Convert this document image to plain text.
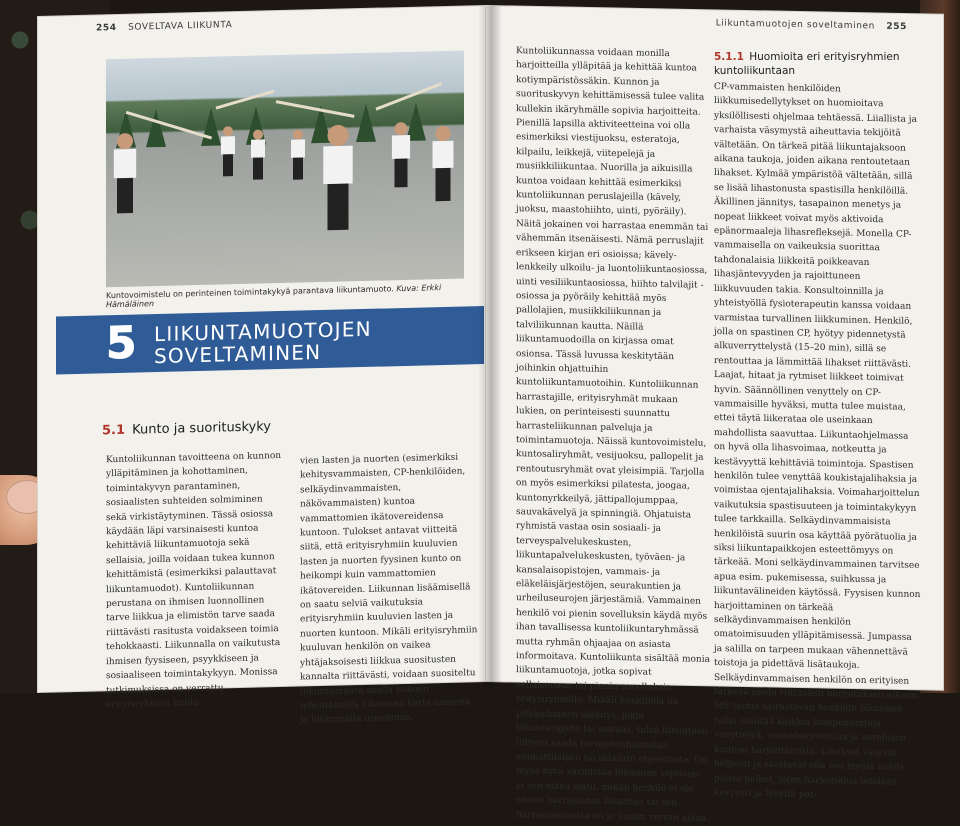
254 SOVELTAVA LIIKUNTA
Kuntovoimistelu on perinteinen toimintakykyä parantava liikuntamuoto. Kuva: Erkki Hämäläinen
5 LIIKUNTAMUOTOJEN
SOVELTAMINEN
5.1 Kunto ja suorituskyky

Kuntoliikunnan tavoitteena on kunnon ylläpitäminen ja kohottaminen, toimintakyvyn parantaminen, sosiaalisten suhteiden solmiminen sekä virkistäytyminen. Tässä osiossa käydään läpi varsinaisesti kuntoa kehittäviä liikuntamuotoja sekä sellaisia, joilla voidaan tukea kunnon kehittämistä (esimerkiksi palauttavat liikuntamuodot). Kuntoliikunnan perustana on ihmisen luonnollinen tarve liikkua ja elimistön tarve saada riittävästi rasitusta voidakseen toimia tehokkaasti. Liikunnalla on vaikutusta ihmisen fyysiseen, psyykkiseen ja sosiaaliseen toimintakykyyn. Monissa tutkimuksissa on verrattu erityisryhmiin kuulu-

vien lasten ja nuorten (esimerkiksi kehitysvammaisten, CP-henkilöiden, selkäydinvammaisten, näkövammaisten) kuntoa vammattomien ikätovereidensa kuntoon. Tulokset antavat viitteitä siitä, että erityisryhmiin kuuluvien lasten ja nuorten fyysinen kunto on heikompi kuin vammattomien ikätovereiden. Liikunnan lisäämisellä on saatu selviä vaikutuksia erityisryhmiin kuuluvien lasten ja nuorten kuntoon. Mikäli erityisryhmiin kuuluvan henkilön on vaikea yhtäjaksoisesti liikkua suositusten kannalta riittävästi, voidaan suositeltu liikuntamäärä saada kokoon lyhentämällä liikunnan kerta-annosta ja liikkumalla useammin.

Liikuntamuotojen soveltaminen 255

Kuntoliikunnassa voidaan monilla harjoitteilla ylläpitää ja kehittää kuntoa kotiympäristössäkin. Kunnon ja suorituskyvyn kehittämisessä tulee valita kullekin ikäryhmälle sopivia harjoitteita. Pienillä lapsilla aktiviteetteina voi olla esimerkiksi viestijuoksu, esteratoja, kilpailu, leikkejä, viitepelejä ja musiikkiliikuntaa. Nuorilla ja aikuisilla kuntoa voidaan kehittää esimerkiksi kuntoliikunnan peruslajeilla (kävely, juoksu, maastohiihto, uinti, pyöräily). Näitä jokainen voi harrastaa enemmän tai vähemmän itsenäisesti. Nämä perruslajit erikseen kirjan eri osioissa; kävely-lenkkeily ulkoilu- ja luontoliikuntaosiossa, uinti vesiliikuntaosiossa, hiihto talvilajit -osiossa ja pyöräily kehittää myös pallolajien, musiikkiliikunnan ja talviliikunnan kautta. Näillä liikuntamuodoilla on kirjassa omat osionsa. Tässä luvussa keskitytään joihinkin ohjattuihin kuntoliikuntamuotoihin. Kuntoliikunnan harrastajille, erityisryhmät mukaan lukien, on perinteisesti suunnattu harrasteliikunnan palveluja ja toimintamuotoja. Näissä kuntovoimistelu, kuntosaliryhmät, vesijuoksu, pallopelit ja rentoutusryhmät ovat yleisimpiä. Tarjolla on myös esimerkiksi pilatesta, joogaa, kuntonyrkkeilyä, jättipallojumppaa, sauvakävelyä ja spinningiä. Ohjatuista ryhmistä vastaa osin sosiaali- ja terveyspalvelukeskusten, liikuntapalvelukeskusten, työväen- ja kansalaisopistojen, vammais- ja eläkeläisjärjestöjen, seurakuntien ja urheiluseurojen järjestämiä. Vammainen henkilö voi pienin sovelluksin käydä myös ihan tavallisessa kuntoliikuntaryhmässä mutta ryhmän ohjaajaa on asiasta informoitava. Kuntoliikunta sisältää monia liikuntamuotoja, jotka sopivat sellaisenaan tai pienin sovelluksin erityisryhmille. Mikäli henkilöllä on pitkäaikainen lääkitys, jokin liikuntarajoite tai sairaus, tulisi liikuntaan liittyen saada terveydenhoitoalan ammattilaisen tai lääkärin ohjeistusta. On myös hyvä varmistaa liikunnan sopivuus ja sen oikea laatu, mikäli henkilö ei ole ennen harrastanut liikuntaa tai sen harrastamisesta on jo jonkin verran aikaa.

5.1.1 Huomioita eri erityisryhmien kuntoliikuntaan

CP-vammaisten henkilöiden liikkumisedellytykset on huomioitava yksilöllisesti ohjelmaa tehtäessä. Liiallista ja varhaista väsymystä aiheuttavia tekijöitä vältetään. On tärkeä pitää liikuntajaksoon aikana taukoja, joiden aikana rentoutetaan lihakset. Kylmää ympäristöä vältetään, sillä se lisää lihastonusta spastisilla henkilöillä. Äkillinen jännitys, tasapainon menetys ja nopeat liikkeet voivat myös aktivoida epänormaaleja lihasrefleksejä. Monella CP-vammaisella on vaikeuksia suorittaa tahdonalaisia liikkeitä poikkeavan lihasjäntevyyden ja rajoittuneen liikkuvuuden takia. Konsultoinnilla ja yhteistyöllä fysioterapeutin kanssa voidaan varmistaa turvallinen liikkuminen. Henkilö, jolla on spastinen CP, hyötyy pidennetystä alkuverryttelystä (15–20 min), sillä se rentouttaa ja lämmittää lihakset riittävästi. Laajat, hitaat ja rytmiset liikkeet toimivat hyvin. Säännöllinen venyttely on CP-vammaisille hyväksi, mutta tulee muistaa, ettei täytä liikerataa ole useinkaan mahdollista saavuttaa. Liikuntaohjelmassa on hyvä olla lihasvoimaa, notkeutta ja kestävyyttä kehittäviä toimintoja. Spastisen henkilön tulee venyttää koukistajalihaksia ja voimistaa ojentajalihaksia. Voimaharjoittelun vaikutuksia spastisuuteen ja toimintakykyyn tulee tarkkailla. Selkäydinvammaisista henkilöistä suurin osa käyttää pyörätuolia ja siksi liikuntapaikkojen esteettömyys on tärkeää. Moni selkäydinvammainen tarvitsee apua esim. pukemisessa, suihkussa ja liikuntavälineiden käytössä. Fyysisen kunnon harjoittaminen on tärkeää selkäydinvammaisen henkilön omatoimisuuden ylläpitämisessä. Jumpassa ja salilla on tarpeen mukaan vähennettävä toistoja ja pidettävä lisätaukoja. Selkäydinvammaisen henkilön on erityisen tärkeää juoda riittävästi harjoituksen aikana. MS-tautia sairastavan henkilön liikunnan tulisi sisältää kaikkia komponentteja: venyttelyä, voimaharjoittelua ja aerobisen kunnon harjoittamista. Lihakset väsyvät helposti ja saattavat olla sen myötä useita päiviä heikot, joten harjoittelua tehdään kevyesti ja lyhyitä pät-
